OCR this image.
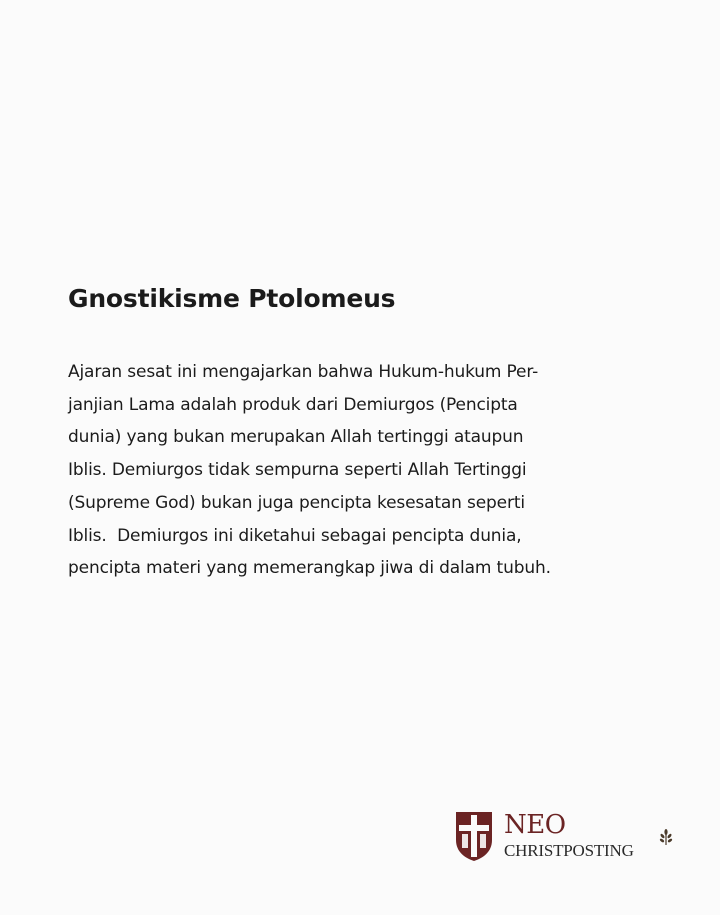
Gnostikisme Ptolomeus
Ajaran sesat ini mengajarkan bahwa Hukum-hukum Per-
janjian Lama adalah produk dari Demiurgos (Pencipta
dunia) yang bukan merupakan Allah tertinggi ataupun
Iblis. Demiurgos tidak sempurna seperti Allah Tertinggi
(Supreme God) bukan juga pencipta kesesatan seperti
Iblis.  Demiurgos ini diketahui sebagai pencipta dunia,
pencipta materi yang memerangkap jiwa di dalam tubuh.
NEO
CHRISTPOSTING
